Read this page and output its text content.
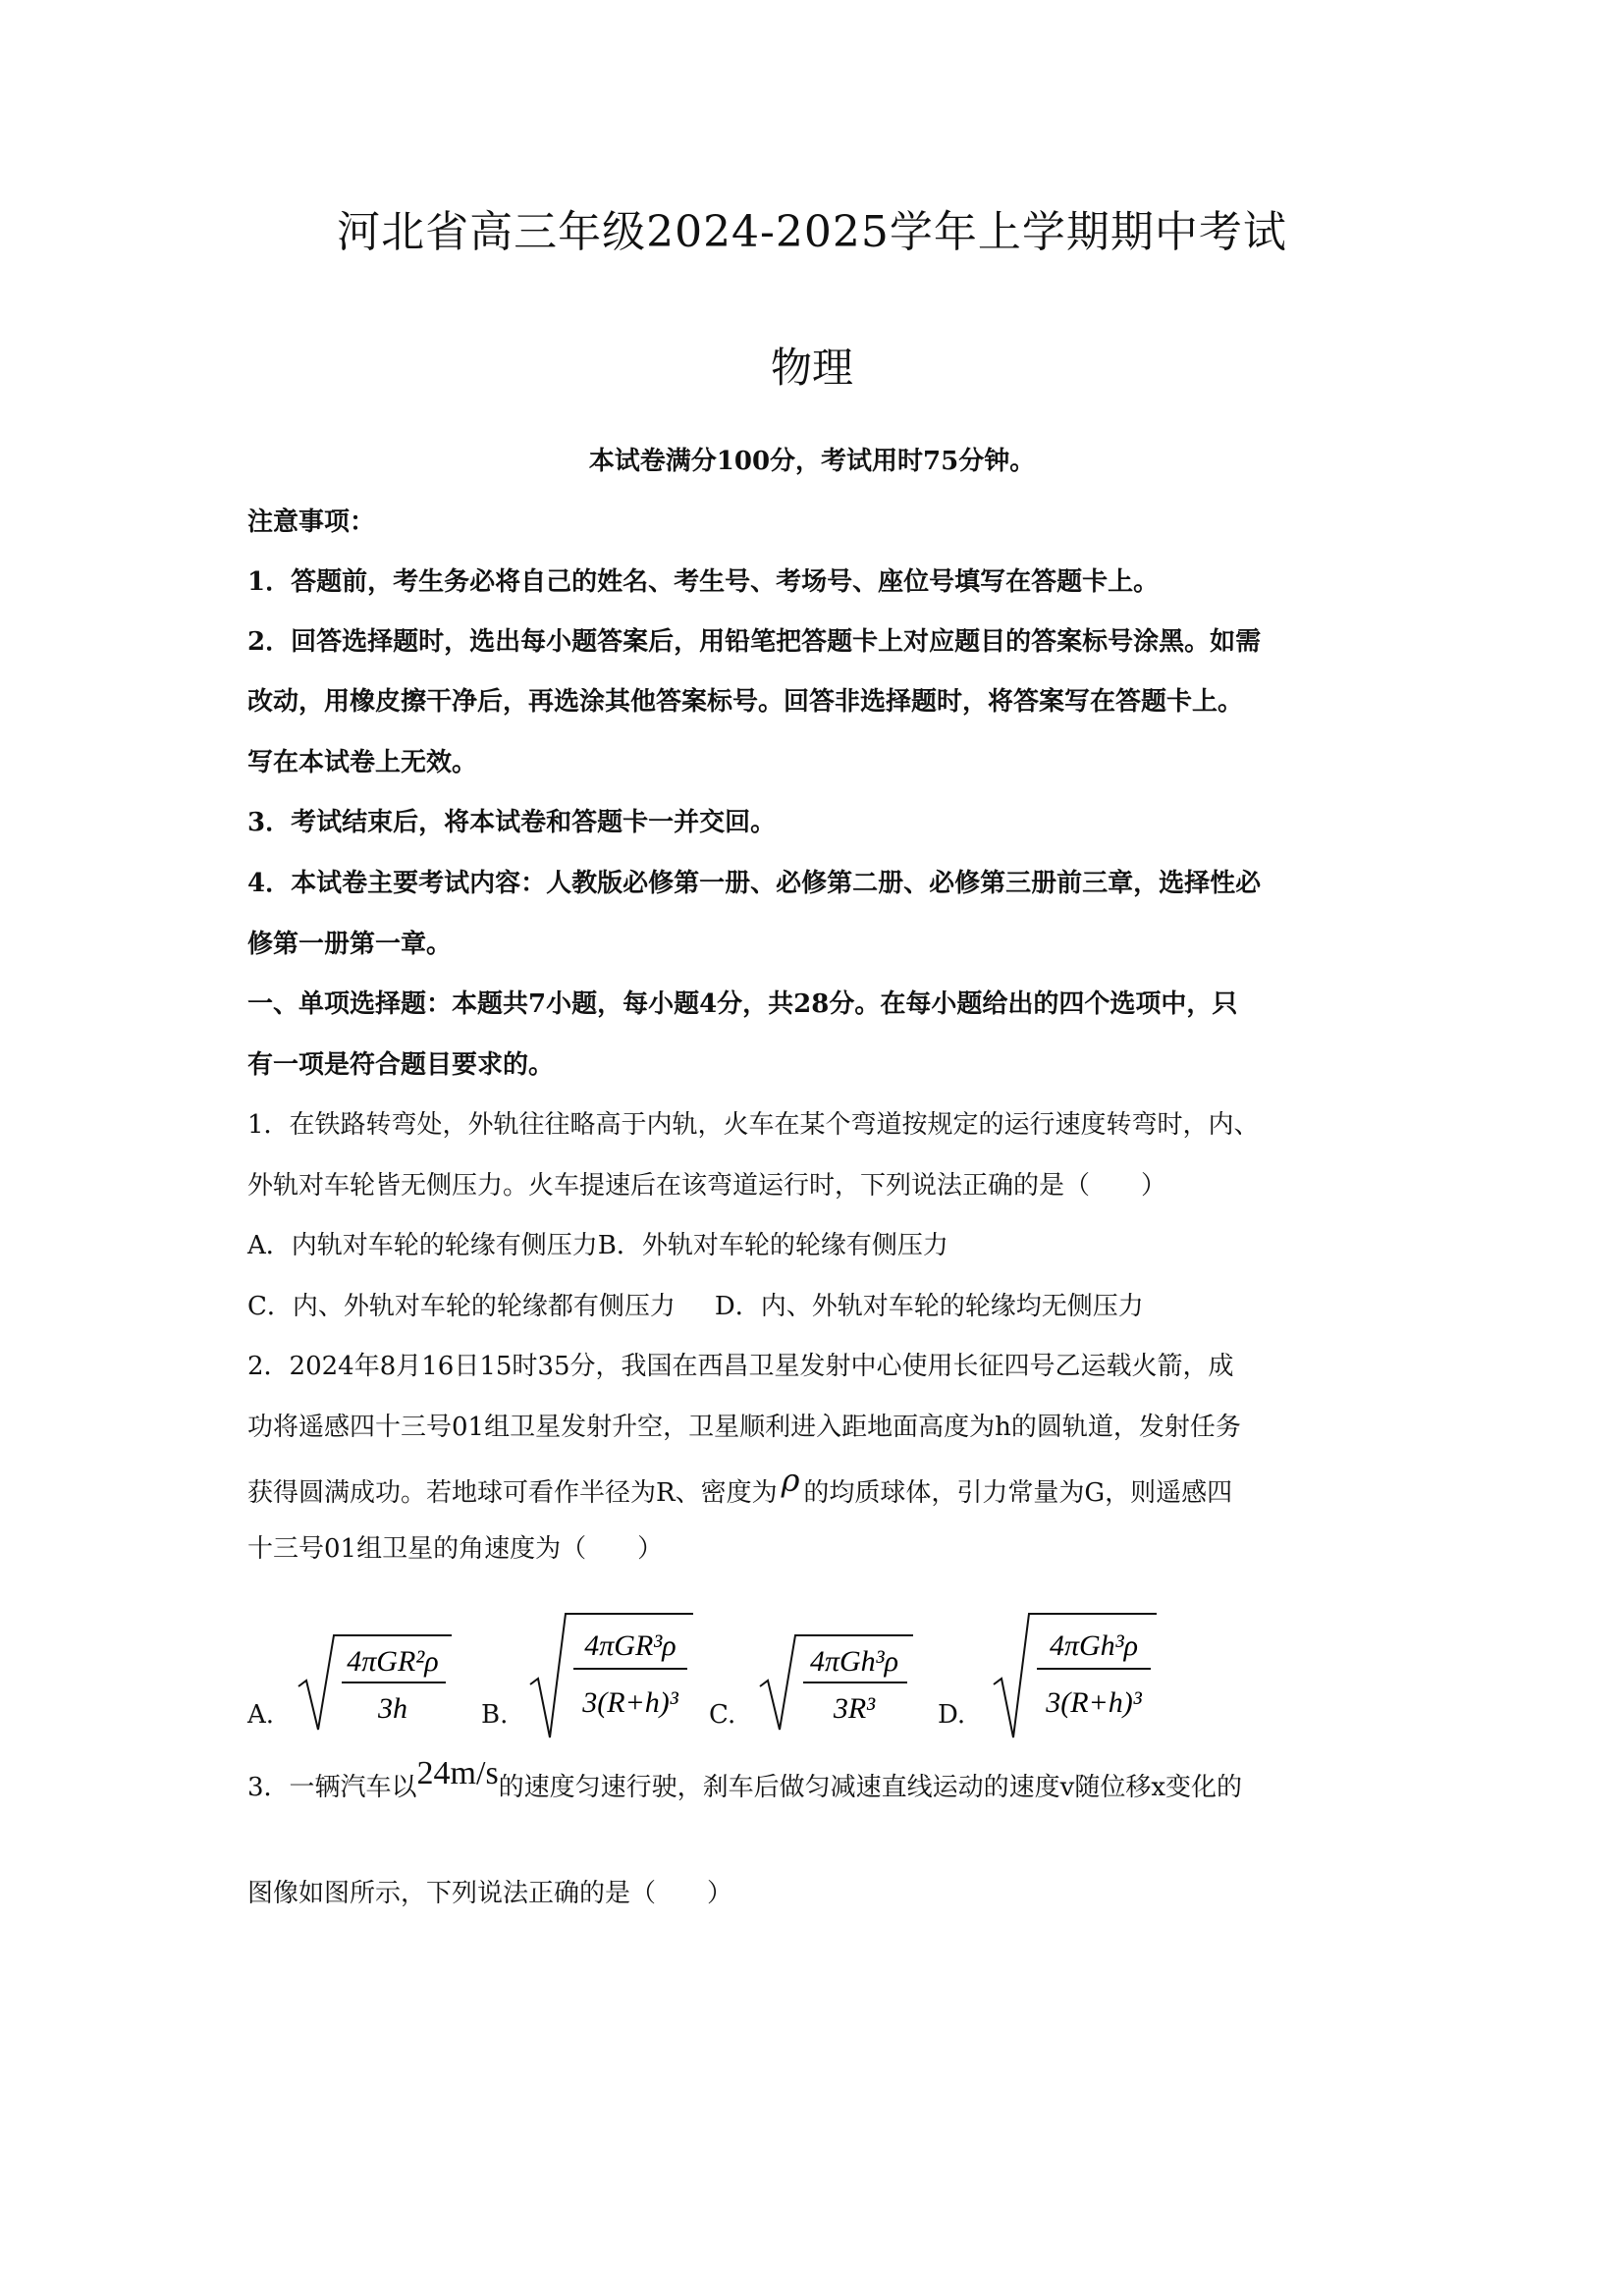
河北省高三年级2024-2025学年上学期期中考试
物理
本试卷满分100分，考试用时75分钟。
注意事项：
1．答题前，考生务必将自己的姓名、考生号、考场号、座位号填写在答题卡上。
2．回答选择题时，选出每小题答案后，用铅笔把答题卡上对应题目的答案标号涂黑。如需
改动，用橡皮擦干净后，再选涂其他答案标号。回答非选择题时，将答案写在答题卡上。
写在本试卷上无效。
3．考试结束后，将本试卷和答题卡一并交回。
4．本试卷主要考试内容：人教版必修第一册、必修第二册、必修第三册前三章，选择性必
修第一册第一章。
一、单项选择题：本题共7小题，每小题4分，共28分。在每小题给出的四个选项中，只
有一项是符合题目要求的。
1．在铁路转弯处，外轨往往略高于内轨，火车在某个弯道按规定的运行速度转弯时，内、
外轨对车轮皆无侧压力。火车提速后在该弯道运行时，下列说法正确的是（　　）
A．内轨对车轮的轮缘有侧压力B．外轨对车轮的轮缘有侧压力
C．内、外轨对车轮的轮缘都有侧压力 D．内、外轨对车轮的轮缘均无侧压力
2．2024年8月16日15时35分，我国在西昌卫星发射中心使用长征四号乙运载火箭，成
功将遥感四十三号01组卫星发射升空，卫星顺利进入距地面高度为h的圆轨道，发射任务
获得圆满成功。若地球可看作半径为R、密度为 ρ 的均质球体，引力常量为G，则遥感四
十三号01组卫星的角速度为（　　）
A.	B.	C.	D.
4πGR²ρ
3h
4πGR³ρ
3(R+h)³
4πGh³ρ
3R³
4πGh³ρ
3(R+h)³
3．一辆汽车以24m/s的速度匀速行驶，刹车后做匀减速直线运动的速度v随位移x变化的
图像如图所示，下列说法正确的是（　　）
